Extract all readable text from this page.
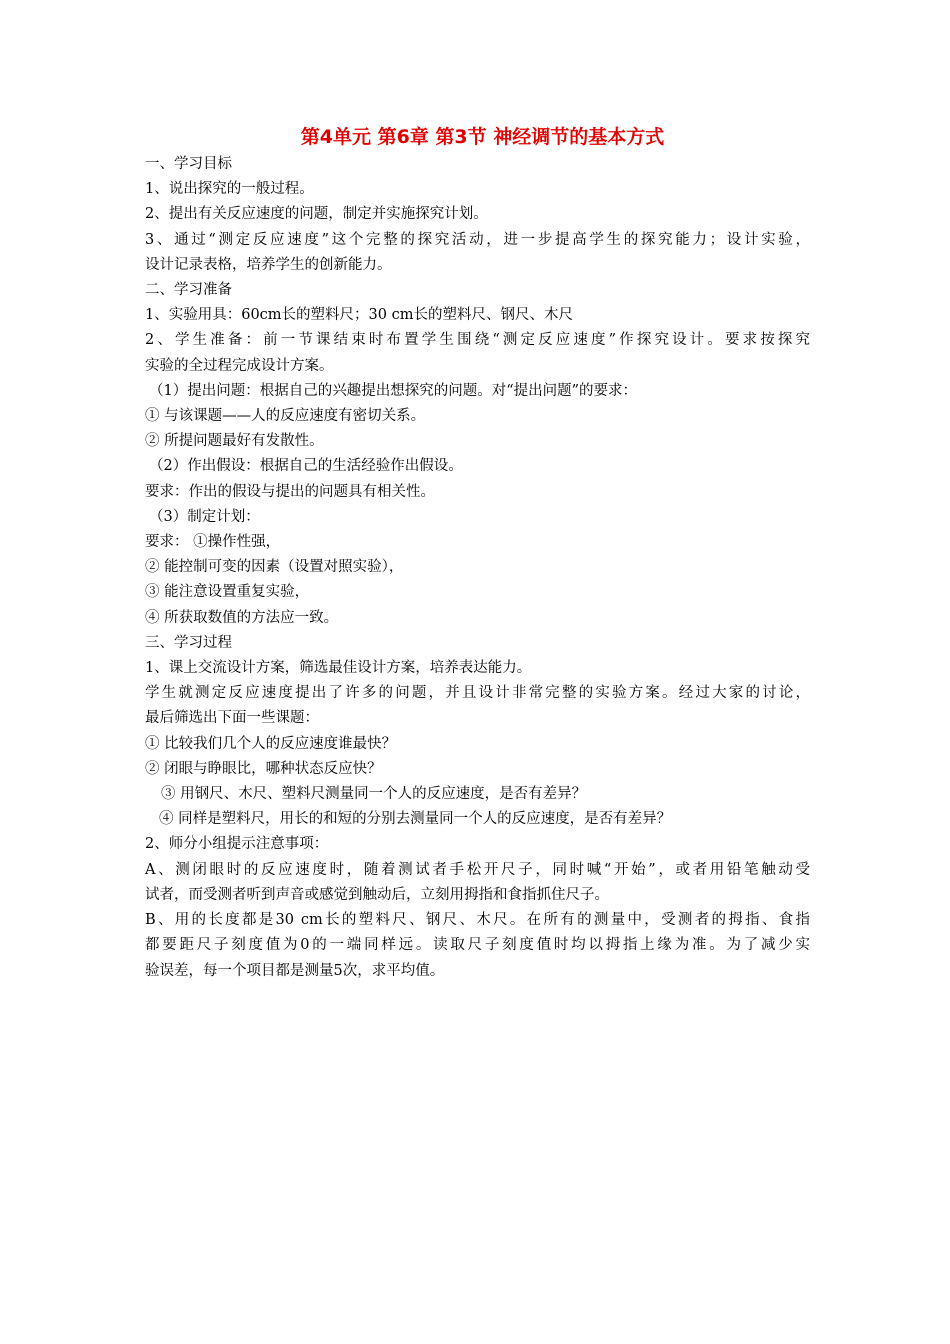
第4单元 第6章 第3节 神经调节的基本方式

一、学习目标

1、说出探究的一般过程。

2、提出有关反应速度的问题，制定并实施探究计划。

3、通过“测定反应速度”这个完整的探究活动，进一步提高学生的探究能力；设计实验，

设计记录表格，培养学生的创新能力。

二、学习准备

1、实验用具：60cm长的塑料尺；30 cm长的塑料尺、钢尺、木尺

2、学生准备：前一节课结束时布置学生围绕“测定反应速度”作探究设计。要求按探究

实验的全过程完成设计方案。

（1）提出问题：根据自己的兴趣提出想探究的问题。对“提出问题”的要求：

① 与该课题——人的反应速度有密切关系。

② 所提问题最好有发散性。

（2）作出假设：根据自己的生活经验作出假设。

要求：作出的假设与提出的问题具有相关性。

（3）制定计划：

要求： ①操作性强，

② 能控制可变的因素（设置对照实验），

③ 能注意设置重复实验，

④ 所获取数值的方法应一致。

三、学习过程

1、课上交流设计方案，筛选最佳设计方案，培养表达能力。

学生就测定反应速度提出了许多的问题，并且设计非常完整的实验方案。经过大家的讨论，

最后筛选出下面一些课题：

① 比较我们几个人的反应速度谁最快？

② 闭眼与睁眼比，哪种状态反应快？

③ 用钢尺、木尺、塑料尺测量同一个人的反应速度，是否有差异？

④ 同样是塑料尺，用长的和短的分别去测量同一个人的反应速度，是否有差异？

2、师分小组提示注意事项：

A、测闭眼时的反应速度时，随着测试者手松开尺子，同时喊“开始”，或者用铅笔触动受

试者，而受测者听到声音或感觉到触动后，立刻用拇指和食指抓住尺子。

B、用的长度都是30 cm长的塑料尺、钢尺、木尺。在所有的测量中，受测者的拇指、食指

都要距尺子刻度值为0的一端同样远。读取尺子刻度值时均以拇指上缘为准。为了减少实

验误差，每一个项目都是测量5次，求平均值。
